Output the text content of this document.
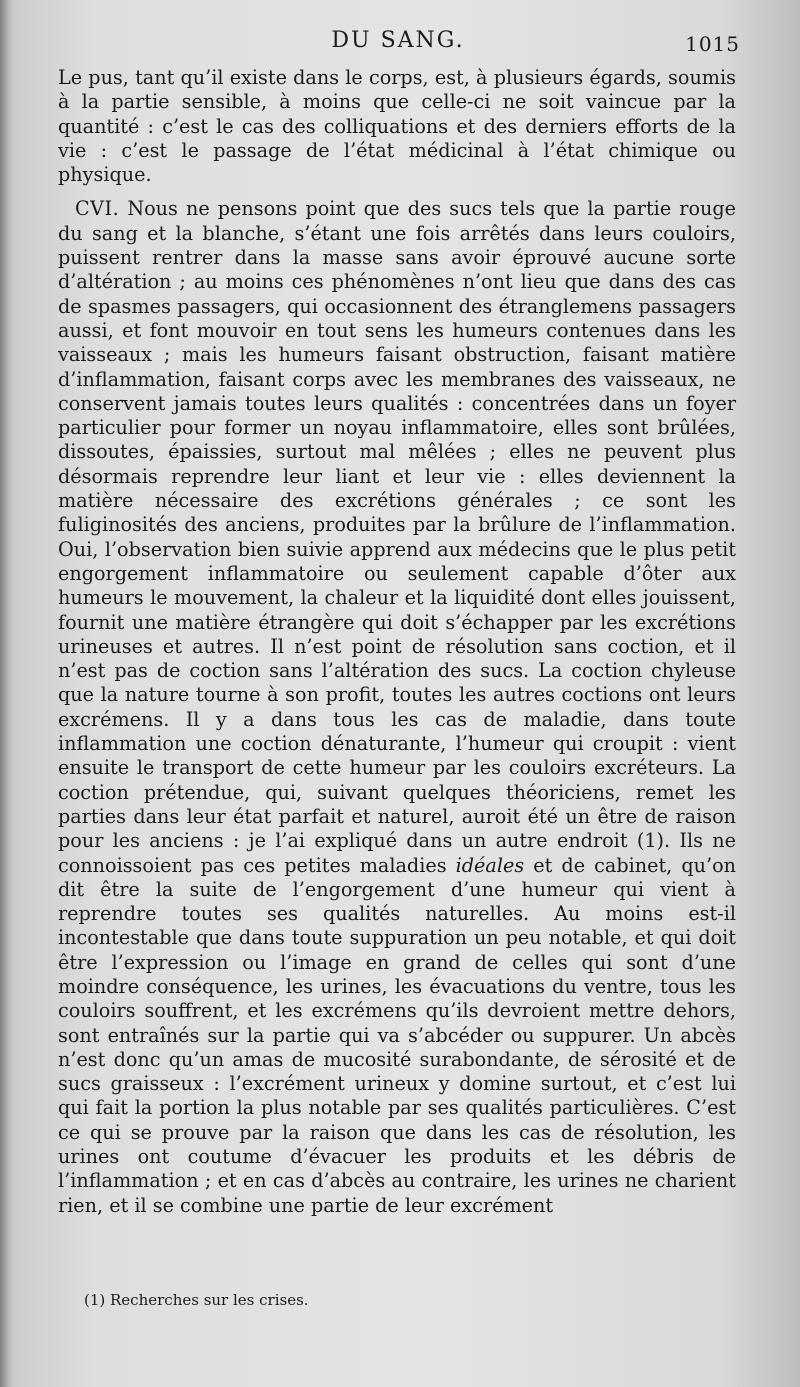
DU SANG.	1015

Le pus, tant qu’il existe dans le corps, est, à plusieurs égards, soumis à la partie sensible, à moins que celle-ci ne soit vaincue par la quantité : c’est le cas des colliquations et des derniers efforts de la vie : c’est le passage de l’état médicinal à l’état chimique ou physique.

CVI. Nous ne pensons point que des sucs tels que la partie rouge du sang et la blanche, s’étant une fois arrêtés dans leurs couloirs, puissent rentrer dans la masse sans avoir éprouvé aucune sorte d’altération ; au moins ces phénomènes n’ont lieu que dans des cas de spasmes passagers, qui occasionnent des étranglemens passagers aussi, et font mouvoir en tout sens les humeurs contenues dans les vaisseaux ; mais les humeurs faisant obstruction, faisant matière d’inflammation, faisant corps avec les membranes des vaisseaux, ne conservent jamais toutes leurs qualités : concentrées dans un foyer particulier pour former un noyau inflammatoire, elles sont brûlées, dissoutes, épaissies, surtout mal mêlées ; elles ne peuvent plus désormais reprendre leur liant et leur vie : elles deviennent la matière nécessaire des excrétions générales ; ce sont les fuliginosités des anciens, produites par la brûlure de l’inflammation. Oui, l’observation bien suivie apprend aux médecins que le plus petit engorgement inflammatoire ou seulement capable d’ôter aux humeurs le mouvement, la chaleur et la liquidité dont elles jouissent, fournit une matière étrangère qui doit s’échapper par les excrétions urineuses et autres. Il n’est point de résolution sans coction, et il n’est pas de coction sans l’altération des sucs. La coction chyleuse que la nature tourne à son profit, toutes les autres coctions ont leurs excrémens. Il y a dans tous les cas de maladie, dans toute inflammation une coction dénaturante, l’humeur qui croupit : vient ensuite le transport de cette humeur par les couloirs excréteurs. La coction prétendue, qui, suivant quelques théoriciens, remet les parties dans leur état parfait et naturel, auroit été un être de raison pour les anciens : je l’ai expliqué dans un autre endroit (1). Ils ne connoissoient pas ces petites maladies idéales et de cabinet, qu’on dit être la suite de l’engorgement d’une humeur qui vient à reprendre toutes ses qualités naturelles. Au moins est-il incontestable que dans toute suppuration un peu notable, et qui doit être l’expression ou l’image en grand de celles qui sont d’une moindre conséquence, les urines, les évacuations du ventre, tous les couloirs souffrent, et les excrémens qu’ils devroient mettre dehors, sont entraînés sur la partie qui va s’abcéder ou suppurer. Un abcès n’est donc qu’un amas de mucosité surabondante, de sérosité et de sucs graisseux : l’excrément urineux y domine surtout, et c’est lui qui fait la portion la plus notable par ses qualités particulières. C’est ce qui se prouve par la raison que dans les cas de résolution, les urines ont coutume d’évacuer les produits et les débris de l’inflammation ; et en cas d’abcès au contraire, les urines ne charient rien, et il se combine une partie de leur excrément

(1) Recherches sur les crises.
